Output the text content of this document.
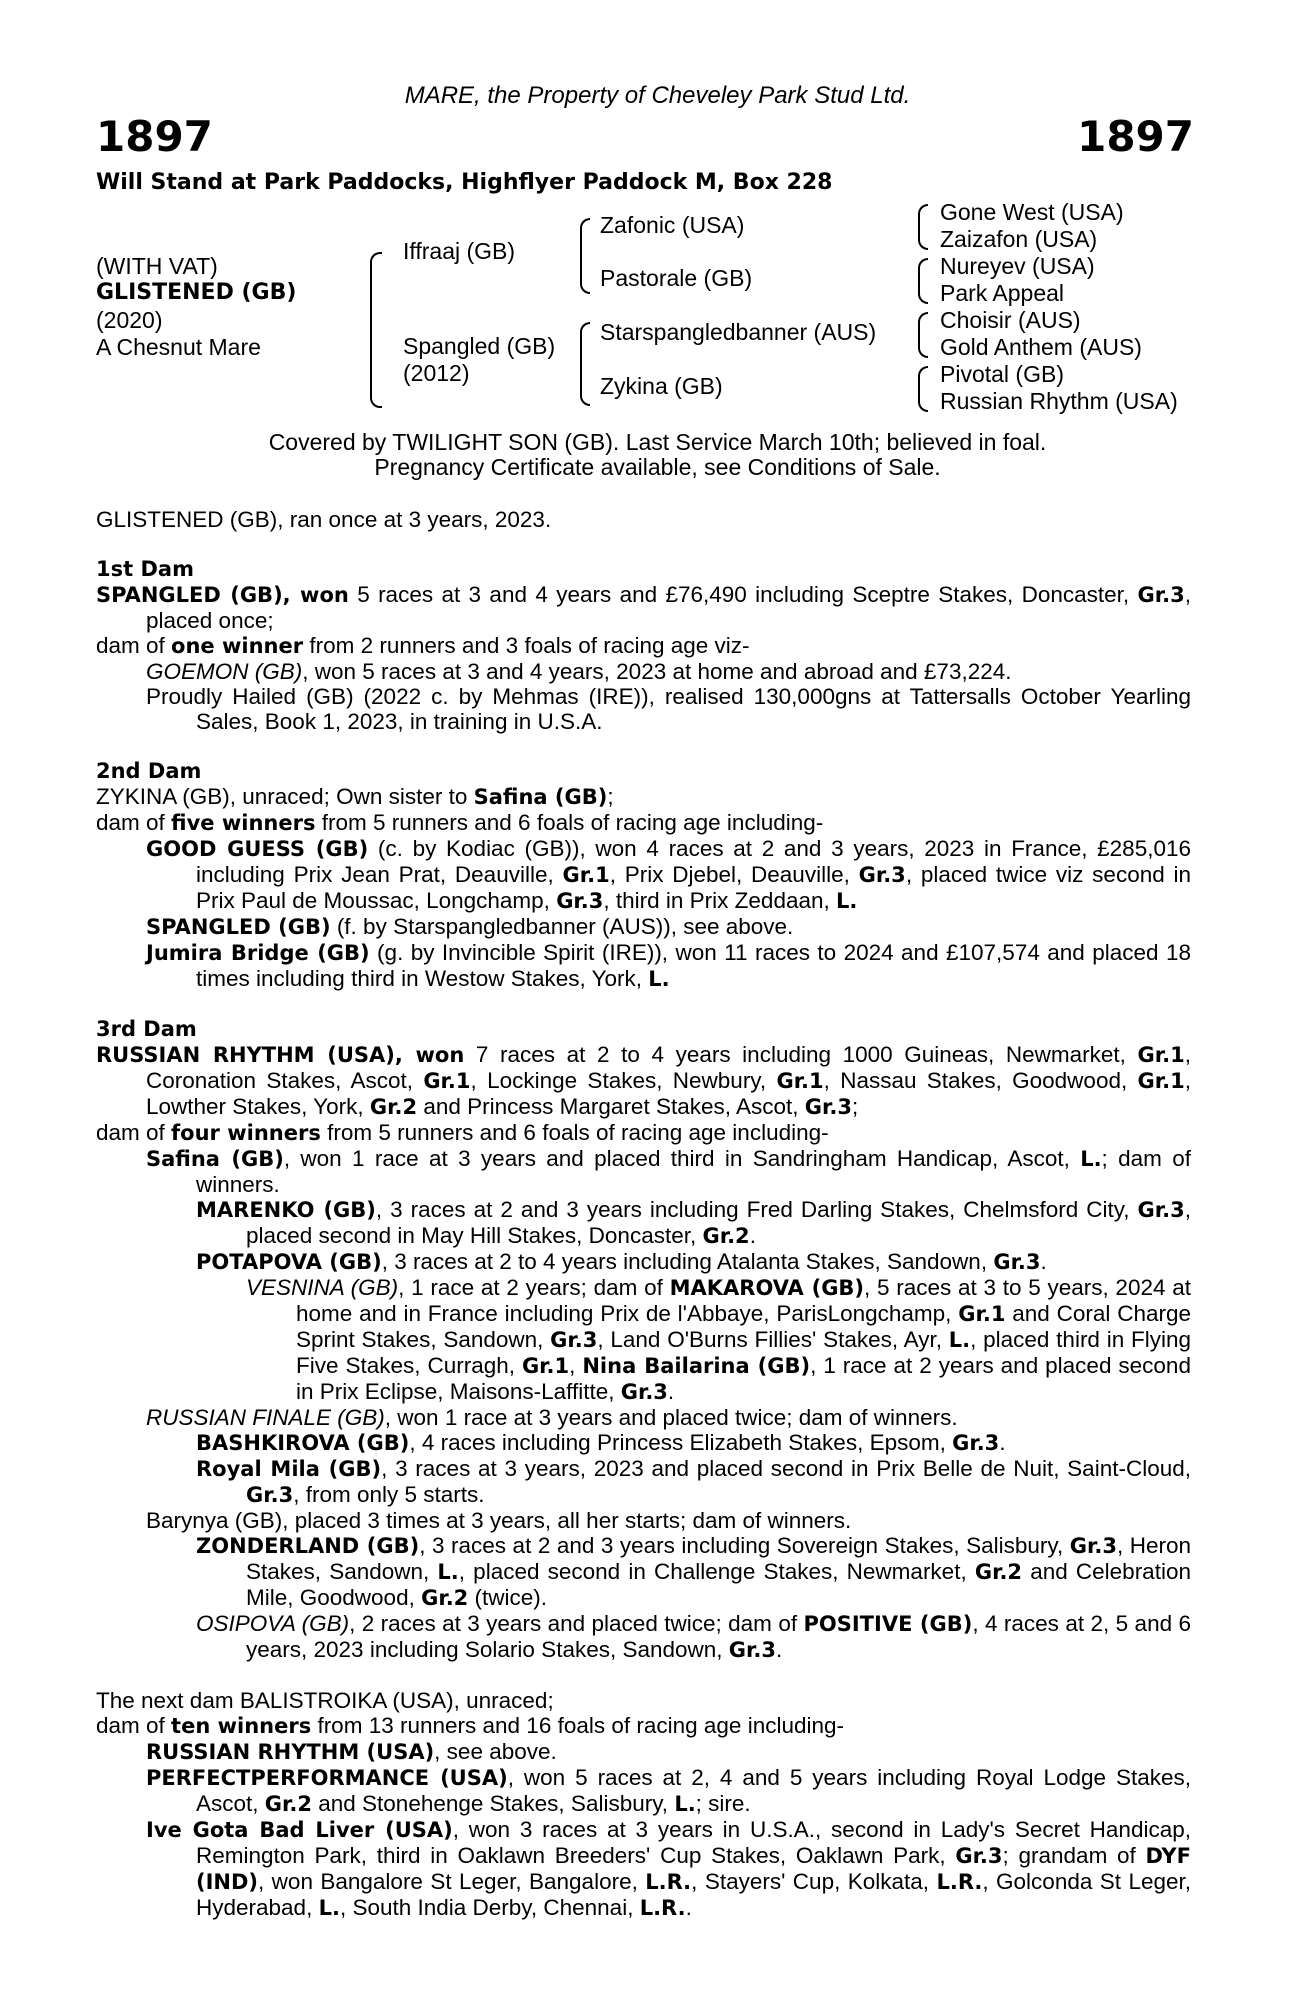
MARE, the Property of Cheveley Park Stud Ltd.
1897	1897
Will Stand at Park Paddocks, Highflyer Paddock M, Box 228
(WITH VAT)
GLISTENED (GB)
(2020)
A Chesnut Mare
Iffraaj (GB)
Spangled (GB)
(2012)
Zafonic (USA)
Pastorale (GB)
Starspangledbanner (AUS)
Zykina (GB)
Gone West (USA)
Zaizafon (USA)
Nureyev (USA)
Park Appeal
Choisir (AUS)
Gold Anthem (AUS)
Pivotal (GB)
Russian Rhythm (USA)
Covered by TWILIGHT SON (GB). Last Service March 10th; believed in foal.
Pregnancy Certificate available, see Conditions of Sale.

GLISTENED (GB), ran once at 3 years, 2023.

1st Dam

SPANGLED (GB), won 5 races at 3 and 4 years and £76,490 including Sceptre Stakes, Doncaster, Gr.3, placed once;

dam of one winner from 2 runners and 3 foals of racing age viz-

GOEMON (GB), won 5 races at 3 and 4 years, 2023 at home and abroad and £73,224.

Proudly Hailed (GB) (2022 c. by Mehmas (IRE)), realised 130,000gns at Tattersalls October Yearling Sales, Book 1, 2023, in training in U.S.A.

2nd Dam

ZYKINA (GB), unraced; Own sister to Safina (GB);

dam of five winners from 5 runners and 6 foals of racing age including-

GOOD GUESS (GB) (c. by Kodiac (GB)), won 4 races at 2 and 3 years, 2023 in France, £285,016 including Prix Jean Prat, Deauville, Gr.1, Prix Djebel, Deauville, Gr.3, placed twice viz second in Prix Paul de Moussac, Longchamp, Gr.3, third in Prix Zeddaan, L.

SPANGLED (GB) (f. by Starspangledbanner (AUS)), see above.

Jumira Bridge (GB) (g. by Invincible Spirit (IRE)), won 11 races to 2024 and £107,574 and placed 18 times including third in Westow Stakes, York, L.

3rd Dam

RUSSIAN RHYTHM (USA), won 7 races at 2 to 4 years including 1000 Guineas, Newmarket, Gr.1, Coronation Stakes, Ascot, Gr.1, Lockinge Stakes, Newbury, Gr.1, Nassau Stakes, Goodwood, Gr.1, Lowther Stakes, York, Gr.2 and Princess Margaret Stakes, Ascot, Gr.3;

dam of four winners from 5 runners and 6 foals of racing age including-

Safina (GB), won 1 race at 3 years and placed third in Sandringham Handicap, Ascot, L.; dam of winners.

MARENKO (GB), 3 races at 2 and 3 years including Fred Darling Stakes, Chelmsford City, Gr.3, placed second in May Hill Stakes, Doncaster, Gr.2.

POTAPOVA (GB), 3 races at 2 to 4 years including Atalanta Stakes, Sandown, Gr.3.

VESNINA (GB), 1 race at 2 years; dam of MAKAROVA (GB), 5 races at 3 to 5 years, 2024 at home and in France including Prix de l'Abbaye, ParisLongchamp, Gr.1 and Coral Charge Sprint Stakes, Sandown, Gr.3, Land O'Burns Fillies' Stakes, Ayr, L., placed third in Flying Five Stakes, Curragh, Gr.1, Nina Bailarina (GB), 1 race at 2 years and placed second in Prix Eclipse, Maisons-Laffitte, Gr.3.

RUSSIAN FINALE (GB), won 1 race at 3 years and placed twice; dam of winners.

BASHKIROVA (GB), 4 races including Princess Elizabeth Stakes, Epsom, Gr.3.

Royal Mila (GB), 3 races at 3 years, 2023 and placed second in Prix Belle de Nuit, Saint-Cloud, Gr.3, from only 5 starts.

Barynya (GB), placed 3 times at 3 years, all her starts; dam of winners.

ZONDERLAND (GB), 3 races at 2 and 3 years including Sovereign Stakes, Salisbury, Gr.3, Heron Stakes, Sandown, L., placed second in Challenge Stakes, Newmarket, Gr.2 and Celebration Mile, Goodwood, Gr.2 (twice).

OSIPOVA (GB), 2 races at 3 years and placed twice; dam of POSITIVE (GB), 4 races at 2, 5 and 6 years, 2023 including Solario Stakes, Sandown, Gr.3.

The next dam BALISTROIKA (USA), unraced;

dam of ten winners from 13 runners and 16 foals of racing age including-

RUSSIAN RHYTHM (USA), see above.

PERFECTPERFORMANCE (USA), won 5 races at 2, 4 and 5 years including Royal Lodge Stakes, Ascot, Gr.2 and Stonehenge Stakes, Salisbury, L.; sire.

Ive Gota Bad Liver (USA), won 3 races at 3 years in U.S.A., second in Lady's Secret Handicap, Remington Park, third in Oaklawn Breeders' Cup Stakes, Oaklawn Park, Gr.3; grandam of DYF (IND), won Bangalore St Leger, Bangalore, L.R., Stayers' Cup, Kolkata, L.R., Golconda St Leger, Hyderabad, L., South India Derby, Chennai, L.R..
